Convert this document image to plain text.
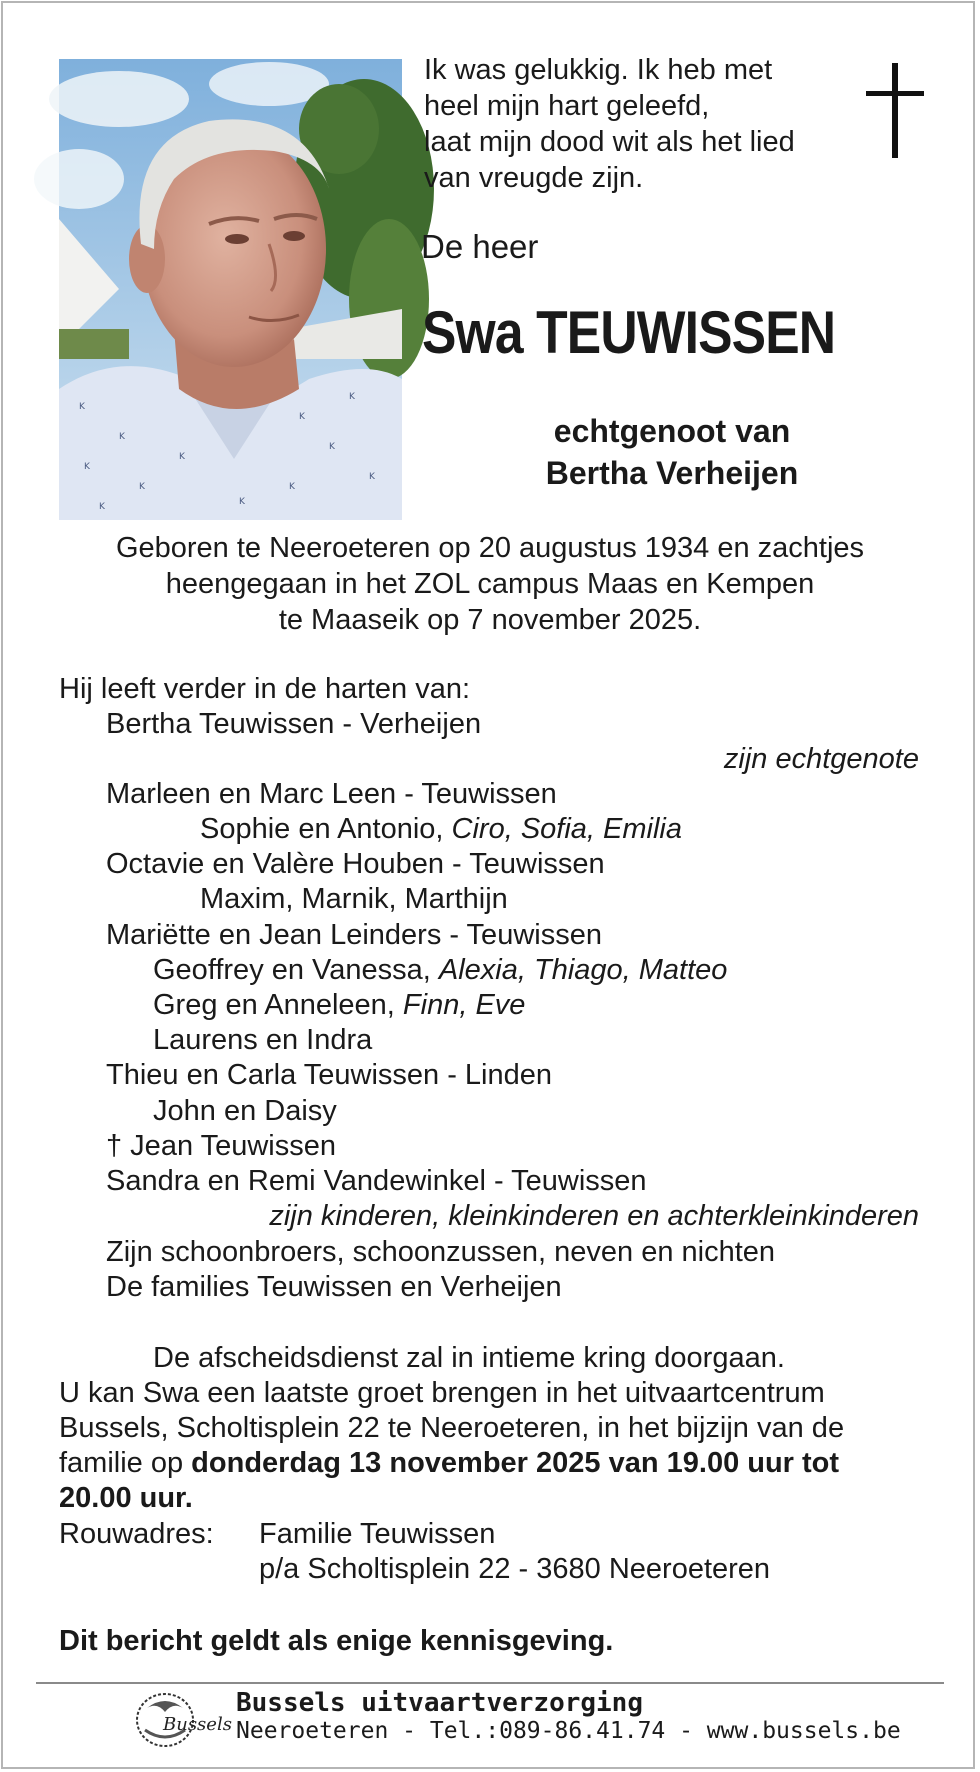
K
K
K
K
K
K
K
K
K
K
K
K
Ik was gelukkig. Ik heb met
heel mijn hart geleefd,
laat mijn dood wit als het lied
van vreugde zijn.
De heer
Swa TEUWISSEN
echtgenoot van
Bertha Verheijen
Geboren te Neeroeteren op 20 augustus 1934 en zachtjes
heengegaan in het ZOL campus Maas en Kempen
te Maaseik op 7 november 2025.
Hij leeft verder in de harten van:
Bertha Teuwissen - Verheijen
zijn echtgenote
Marleen en Marc Leen - Teuwissen
Sophie en Antonio, Ciro, Sofia, Emilia
Octavie en Valère Houben - Teuwissen
Maxim, Marnik, Marthijn
Mariëtte en Jean Leinders - Teuwissen
Geoffrey en Vanessa, Alexia, Thiago, Matteo
Greg en Anneleen, Finn, Eve
Laurens en Indra
Thieu en Carla Teuwissen - Linden
John en Daisy
† Jean Teuwissen
Sandra en Remi Vandewinkel - Teuwissen
zijn kinderen, kleinkinderen en achterkleinkinderen
Zijn schoonbroers, schoonzussen, neven en nichten
De families Teuwissen en Verheijen
De afscheidsdienst zal in intieme kring doorgaan.
U kan Swa een laatste groet brengen in het uitvaartcentrum
Bussels, Scholtisplein 22 te Neeroeteren, in het bijzijn van de
familie op donderdag 13 november 2025 van 19.00 uur tot
20.00 uur.
Rouwadres: Familie Teuwissen
p/a Scholtisplein 22 - 3680 Neeroeteren
Dit bericht geldt als enige kennisgeving.
Bussels
Bussels uitvaartverzorging
Neeroeteren - Tel.:089-86.41.74 - www.bussels.be
